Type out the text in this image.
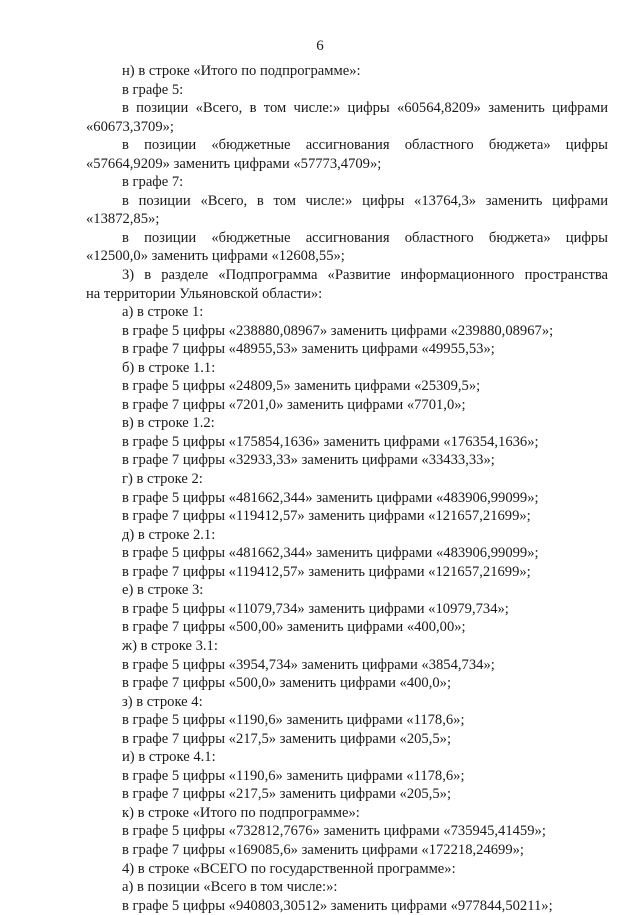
6
н) в строке «Итого по подпрограмме»:
в графе 5:
в позиции «Всего, в том числе:» цифры «60564,8209» заменить цифрами
«60673,3709»;
в позиции «бюджетные ассигнования областного бюджета» цифры
«57664,9209» заменить цифрами «57773,4709»;
в графе 7:
в позиции «Всего, в том числе:» цифры «13764,3» заменить цифрами
«13872,85»;
в позиции «бюджетные ассигнования областного бюджета» цифры
«12500,0» заменить цифрами «12608,55»;
3) в разделе «Подпрограмма «Развитие информационного пространства
на территории Ульяновской области»:
а) в строке 1:
в графе 5 цифры «238880,08967» заменить цифрами «239880,08967»;
в графе 7 цифры «48955,53» заменить цифрами «49955,53»;
б) в строке 1.1:
в графе 5 цифры «24809,5» заменить цифрами «25309,5»;
в графе 7 цифры «7201,0» заменить цифрами «7701,0»;
в) в строке 1.2:
в графе 5 цифры «175854,1636» заменить цифрами «176354,1636»;
в графе 7 цифры «32933,33» заменить цифрами «33433,33»;
г) в строке 2:
в графе 5 цифры «481662,344» заменить цифрами «483906,99099»;
в графе 7 цифры «119412,57» заменить цифрами «121657,21699»;
д) в строке 2.1:
в графе 5 цифры «481662,344» заменить цифрами «483906,99099»;
в графе 7 цифры «119412,57» заменить цифрами «121657,21699»;
е) в строке 3:
в графе 5 цифры «11079,734» заменить цифрами «10979,734»;
в графе 7 цифры «500,00» заменить цифрами «400,00»;
ж) в строке 3.1:
в графе 5 цифры «3954,734» заменить цифрами «3854,734»;
в графе 7 цифры «500,0» заменить цифрами «400,0»;
з) в строке 4:
в графе 5 цифры «1190,6» заменить цифрами «1178,6»;
в графе 7 цифры «217,5» заменить цифрами «205,5»;
и) в строке 4.1:
в графе 5 цифры «1190,6» заменить цифрами «1178,6»;
в графе 7 цифры «217,5» заменить цифрами «205,5»;
к) в строке «Итого по подпрограмме»:
в графе 5 цифры «732812,7676» заменить цифрами «735945,41459»;
в графе 7 цифры «169085,6» заменить цифрами «172218,24699»;
4) в строке «ВСЕГО по государственной программе»:
а) в позиции «Всего в том числе:»:
в графе 5 цифры «940803,30512» заменить цифрами «977844,50211»;
